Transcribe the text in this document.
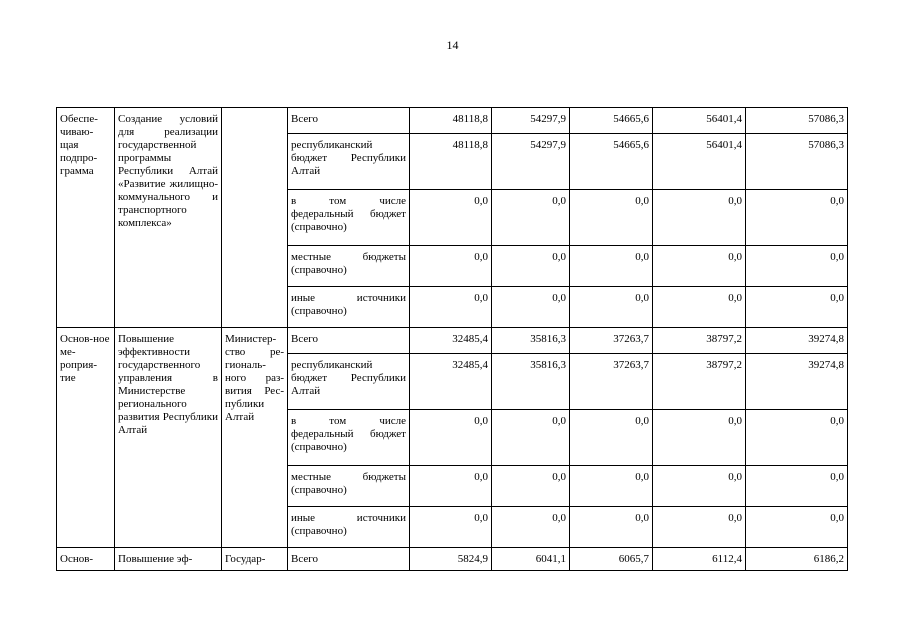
14
Обеспе-чиваю-щая подпро-грамма	Создание условий для реализации государственной программы Республики Алтай «Развитие жилищно-коммунального и транспортного комплекса»		Всего	48118,8	54297,9	54665,6	56401,4	57086,3
			республиканский бюджет Республики Алтай	48118,8	54297,9	54665,6	56401,4	57086,3
			в том числе федеральный бюджет (справочно)	0,0	0,0	0,0	0,0	0,0
			местные бюджеты (справочно)	0,0	0,0	0,0	0,0	0,0
			иные источники (справочно)	0,0	0,0	0,0	0,0	0,0
Основ-ное ме-роприя-тие	Повышение эффективности государственного управления в Министерстве регионального развития Республики Алтай	Министер-ство ре-гиональ-ного раз-вития Рес-публики Алтай	Всего	32485,4	35816,3	37263,7	38797,2	39274,8
			республиканский бюджет Республики Алтай	32485,4	35816,3	37263,7	38797,2	39274,8
			в том числе федеральный бюджет (справочно)	0,0	0,0	0,0	0,0	0,0
			местные бюджеты (справочно)	0,0	0,0	0,0	0,0	0,0
			иные источники (справочно)	0,0	0,0	0,0	0,0	0,0
Основ-	Повышение эф-	Государ-	Всего	5824,9	6041,1	6065,7	6112,4	6186,2
